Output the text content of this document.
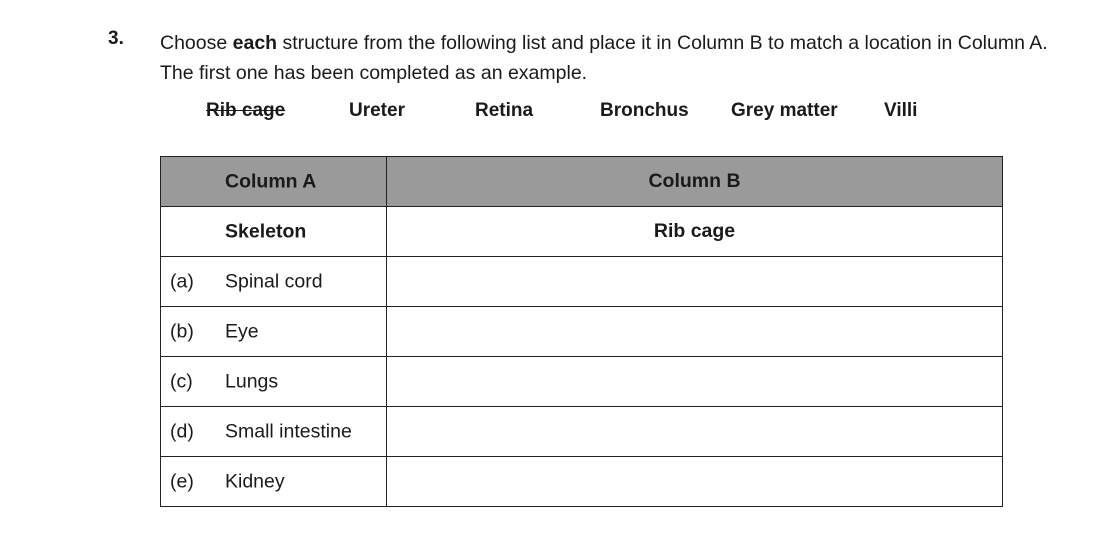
3. Choose each structure from the following list and place it in Column B to match a location in Column A. The first one has been completed as an example.
Rib cage	Ureter	Retina	Bronchus Grey matter Villi
Column A	Column B

Skeleton	Rib cage

(a) Spinal cord	

(b) Eye	

(c) Lungs	

(d) Small intestine	

(e) Kidney	
